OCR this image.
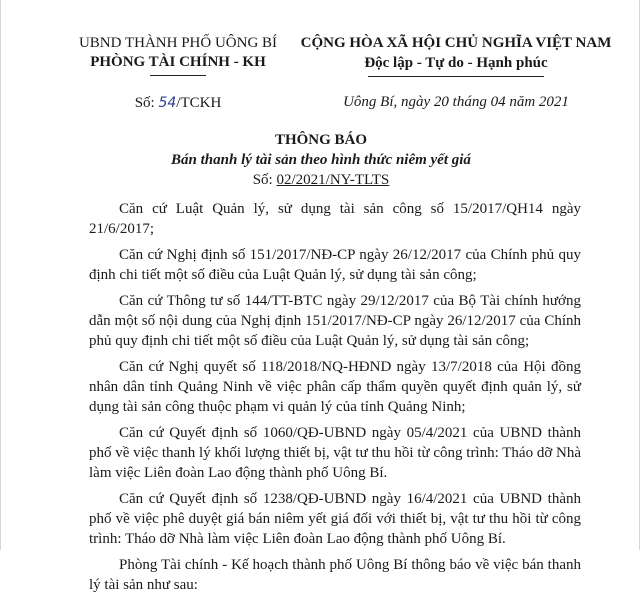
UBND THÀNH PHỐ UÔNG BÍ
PHÒNG TÀI CHÍNH - KH
Số: 54/TCKH
CỘNG HÒA XÃ HỘI CHỦ NGHĨA VIỆT NAM
Độc lập - Tự do - Hạnh phúc
Uông Bí, ngày 20 tháng 04 năm 2021
THÔNG BÁO
Bán thanh lý tài sản theo hình thức niêm yết giá
Số: 02/2021/NY-TLTS

Căn cứ Luật Quản lý, sử dụng tài sản công số 15/2017/QH14 ngày 21/6/2017;

Căn cứ Nghị định số 151/2017/NĐ-CP ngày 26/12/2017 của Chính phủ quy định chi tiết một số điều của Luật Quản lý, sử dụng tài sản công;

Căn cứ Thông tư số 144/TT-BTC ngày 29/12/2017 của Bộ Tài chính hướng dẫn một số nội dung của Nghị định 151/2017/NĐ-CP ngày 26/12/2017 của Chính phủ quy định chi tiết một số điều của Luật Quản lý, sử dụng tài sản công;

Căn cứ Nghị quyết số 118/2018/NQ-HĐND ngày 13/7/2018 của Hội đồng nhân dân tỉnh Quảng Ninh về việc phân cấp thẩm quyền quyết định quản lý, sử dụng tài sản công thuộc phạm vi quản lý của tỉnh Quảng Ninh;

Căn cứ Quyết định số 1060/QĐ-UBND ngày 05/4/2021 của UBND thành phố về việc thanh lý khối lượng thiết bị, vật tư thu hồi từ công trình: Tháo dỡ Nhà làm việc Liên đoàn Lao động thành phố Uông Bí.

Căn cứ Quyết định số 1238/QĐ-UBND ngày 16/4/2021 của UBND thành phố về việc phê duyệt giá bán niêm yết giá đối với thiết bị, vật tư thu hồi từ công trình: Tháo dỡ Nhà làm việc Liên đoàn Lao động thành phố Uông Bí.

Phòng Tài chính - Kế hoạch thành phố Uông Bí thông báo về việc bán thanh lý tài sản như sau:
